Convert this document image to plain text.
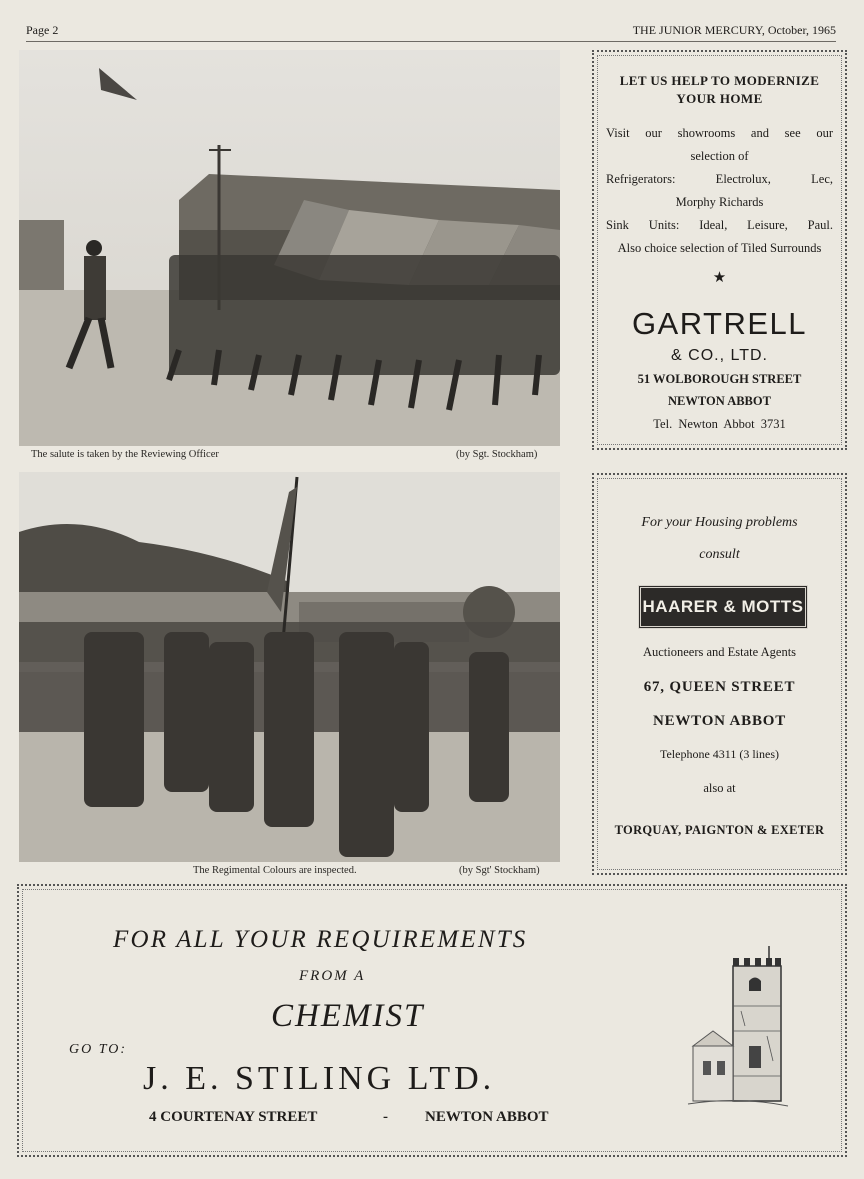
Page 2	THE JUNIOR MERCURY, October, 1965
The salute is taken by the Reviewing Officer	(by Sgt. Stockham)
The Regimental Colours are inspected.	(by Sgt' Stockham)
LET US HELP TO MODERNIZE
YOUR HOME
Visit our showrooms and see our
selection of

Refrigerators: Electrolux, Lec,
Morphy Richards

Sink Units: Ideal, Leisure, Paul.
Also choice selection of Tiled Surrounds
★
GARTRELL
& CO., LTD.
51 WOLBOROUGH STREET
NEWTON ABBOT
Tel. Newton Abbot 3731
For your Housing problems
consult
HAARER & MOTTS
Auctioneers and Estate Agents
67, QUEEN STREET
NEWTON ABBOT
Telephone 4311 (3 lines)
also at
TORQUAY, PAIGNTON & EXETER
FOR ALL YOUR REQUIREMENTS
FROM A
CHEMIST
GO TO:
J. E. STILING LTD.
4 COURTENAY STREET	- NEWTON ABBOT
